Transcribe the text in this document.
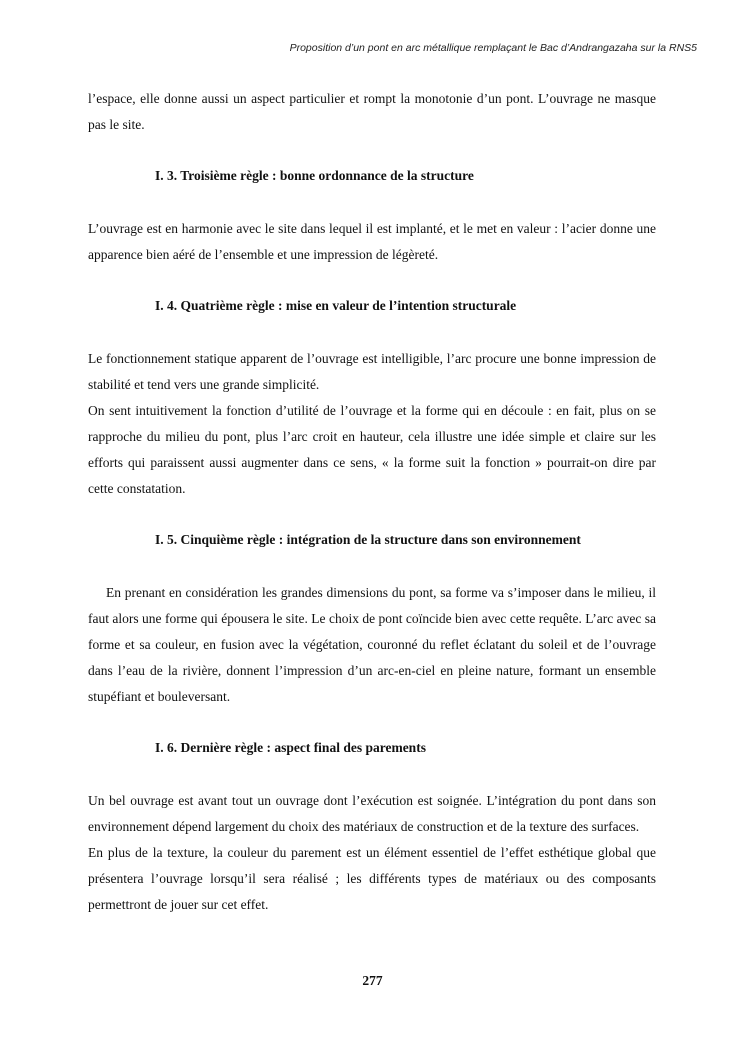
Proposition d’un pont en arc métallique remplaçant le Bac d’Andrangazaha sur la RNS5

l’espace, elle donne aussi un aspect particulier et rompt la monotonie d’un pont. L’ouvrage ne masque pas le site.

I. 3. Troisième règle : bonne ordonnance de la structure

L’ouvrage est en harmonie avec le site dans lequel il est implanté, et le met en valeur : l’acier donne une apparence bien aéré de l’ensemble et une impression de légèreté.

I. 4. Quatrième règle : mise en valeur de l’intention structurale

Le fonctionnement statique apparent de l’ouvrage est intelligible, l’arc procure une bonne impression de stabilité et tend vers une grande simplicité.

On sent intuitivement la fonction d’utilité de l’ouvrage et la forme qui en découle : en fait, plus on se rapproche du milieu du pont, plus l’arc croit en hauteur, cela illustre une idée simple et claire sur les efforts qui paraissent aussi augmenter dans ce sens, « la forme suit la fonction » pourrait-on dire par cette constatation.

I. 5. Cinquième règle : intégration de la structure dans son environnement

En prenant en considération les grandes dimensions du pont, sa forme va s’imposer dans le milieu, il faut alors une forme qui épousera le site. Le choix de pont coïncide bien avec cette requête. L’arc avec sa forme et sa couleur, en fusion avec la végétation, couronné du reflet éclatant du soleil et de l’ouvrage dans l’eau de la rivière, donnent l’impression d’un arc-en-ciel en pleine nature, formant un ensemble stupéfiant et bouleversant.

I. 6. Dernière règle : aspect final des parements

Un bel ouvrage est avant tout un ouvrage dont l’exécution est soignée. L’intégration du pont dans son environnement dépend largement du choix des matériaux de construction et de la texture des surfaces.

En plus de la texture, la couleur du parement est un élément essentiel de l’effet esthétique global que présentera l’ouvrage lorsqu’il sera réalisé ; les différents types de matériaux ou des composants permettront de jouer sur cet effet.

277
